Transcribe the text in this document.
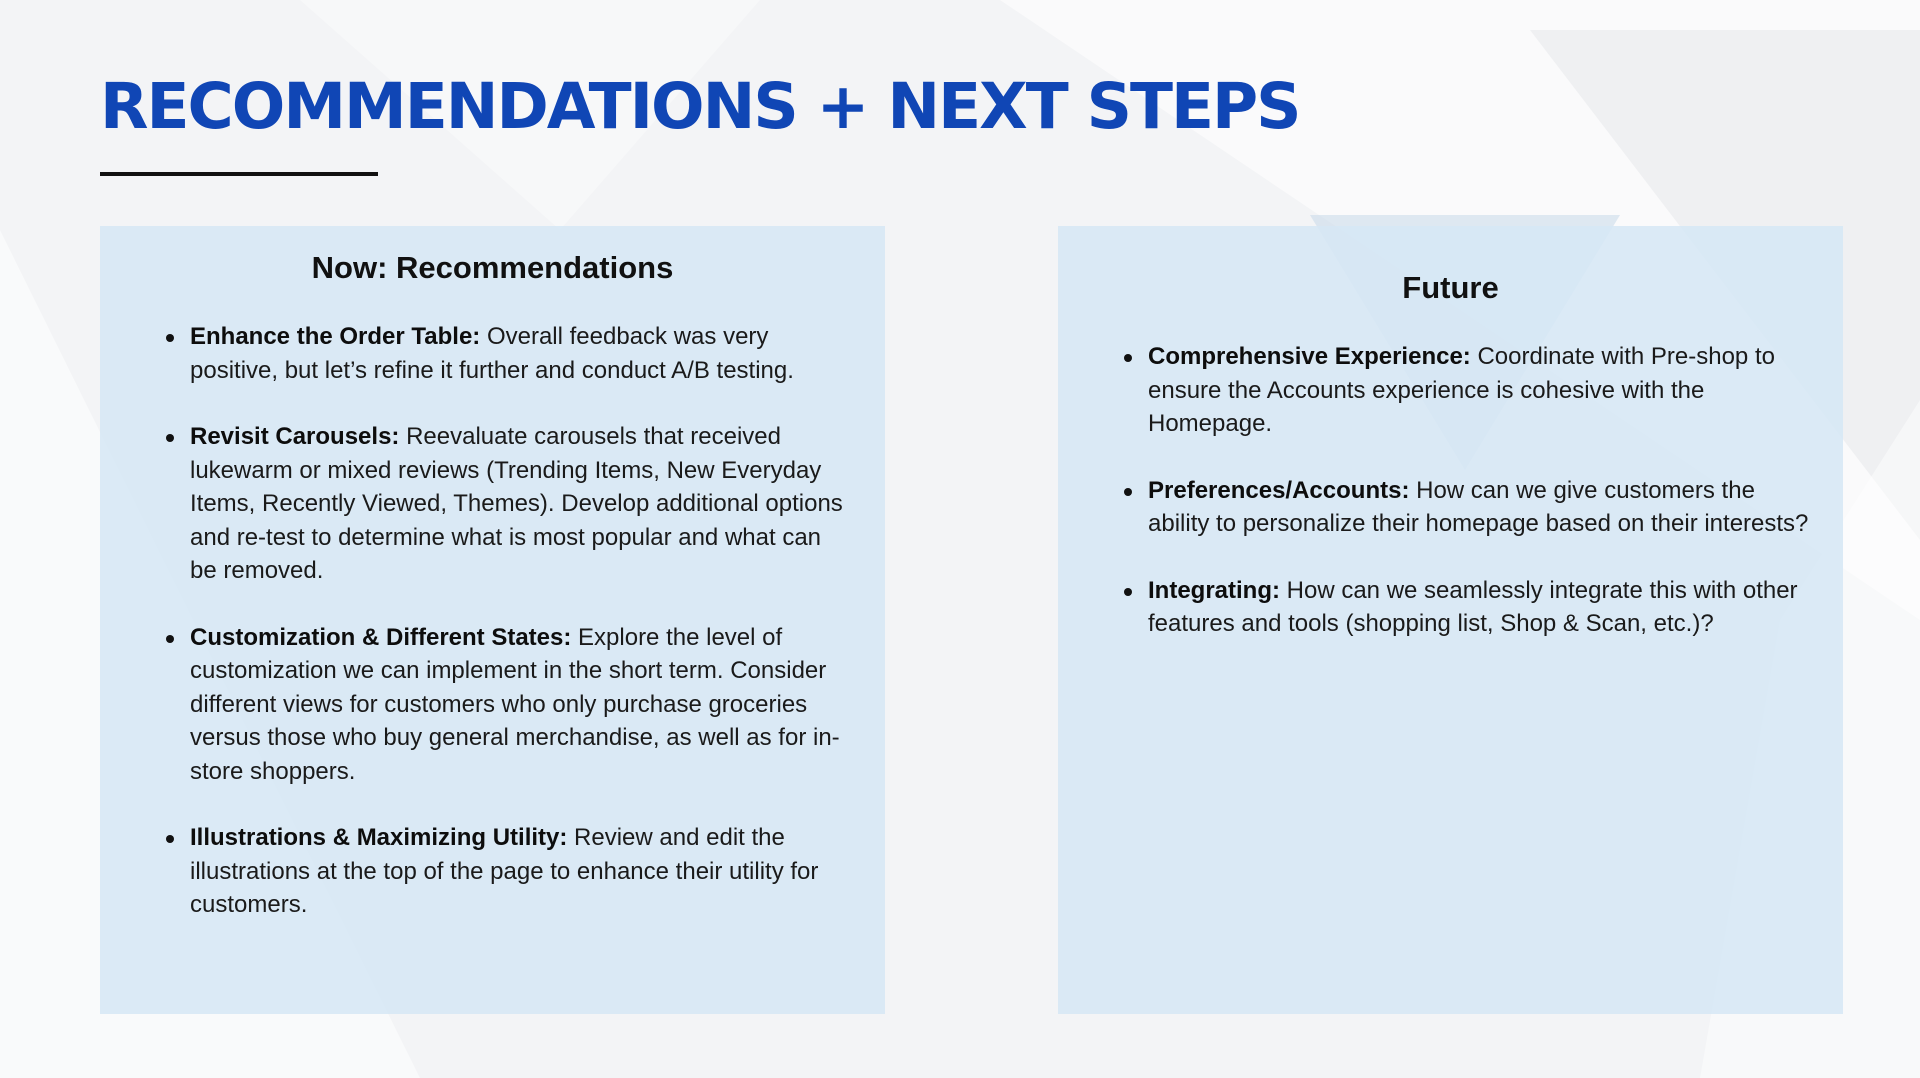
RECOMMENDATIONS + NEXT STEPS
Now: Recommendations
Enhance the Order Table: Overall feedback was very positive, but let’s refine it further and conduct A/B testing.
Revisit Carousels: Reevaluate carousels that received lukewarm or mixed reviews (Trending Items, New Everyday Items, Recently Viewed, Themes). Develop additional options and re-test to determine what is most popular and what can be removed.
Customization & Different States: Explore the level of customization we can implement in the short term. Consider different views for customers who only purchase groceries versus those who buy general merchandise, as well as for in-store shoppers.
Illustrations & Maximizing Utility: Review and edit the illustrations at the top of the page to enhance their utility for customers.
Future
Comprehensive Experience: Coordinate with Pre-shop to ensure the Accounts experience is cohesive with the Homepage.
Preferences/Accounts: How can we give customers the ability to personalize their homepage based on their interests?
Integrating: How can we seamlessly integrate this with other features and tools (shopping list, Shop & Scan, etc.)?
